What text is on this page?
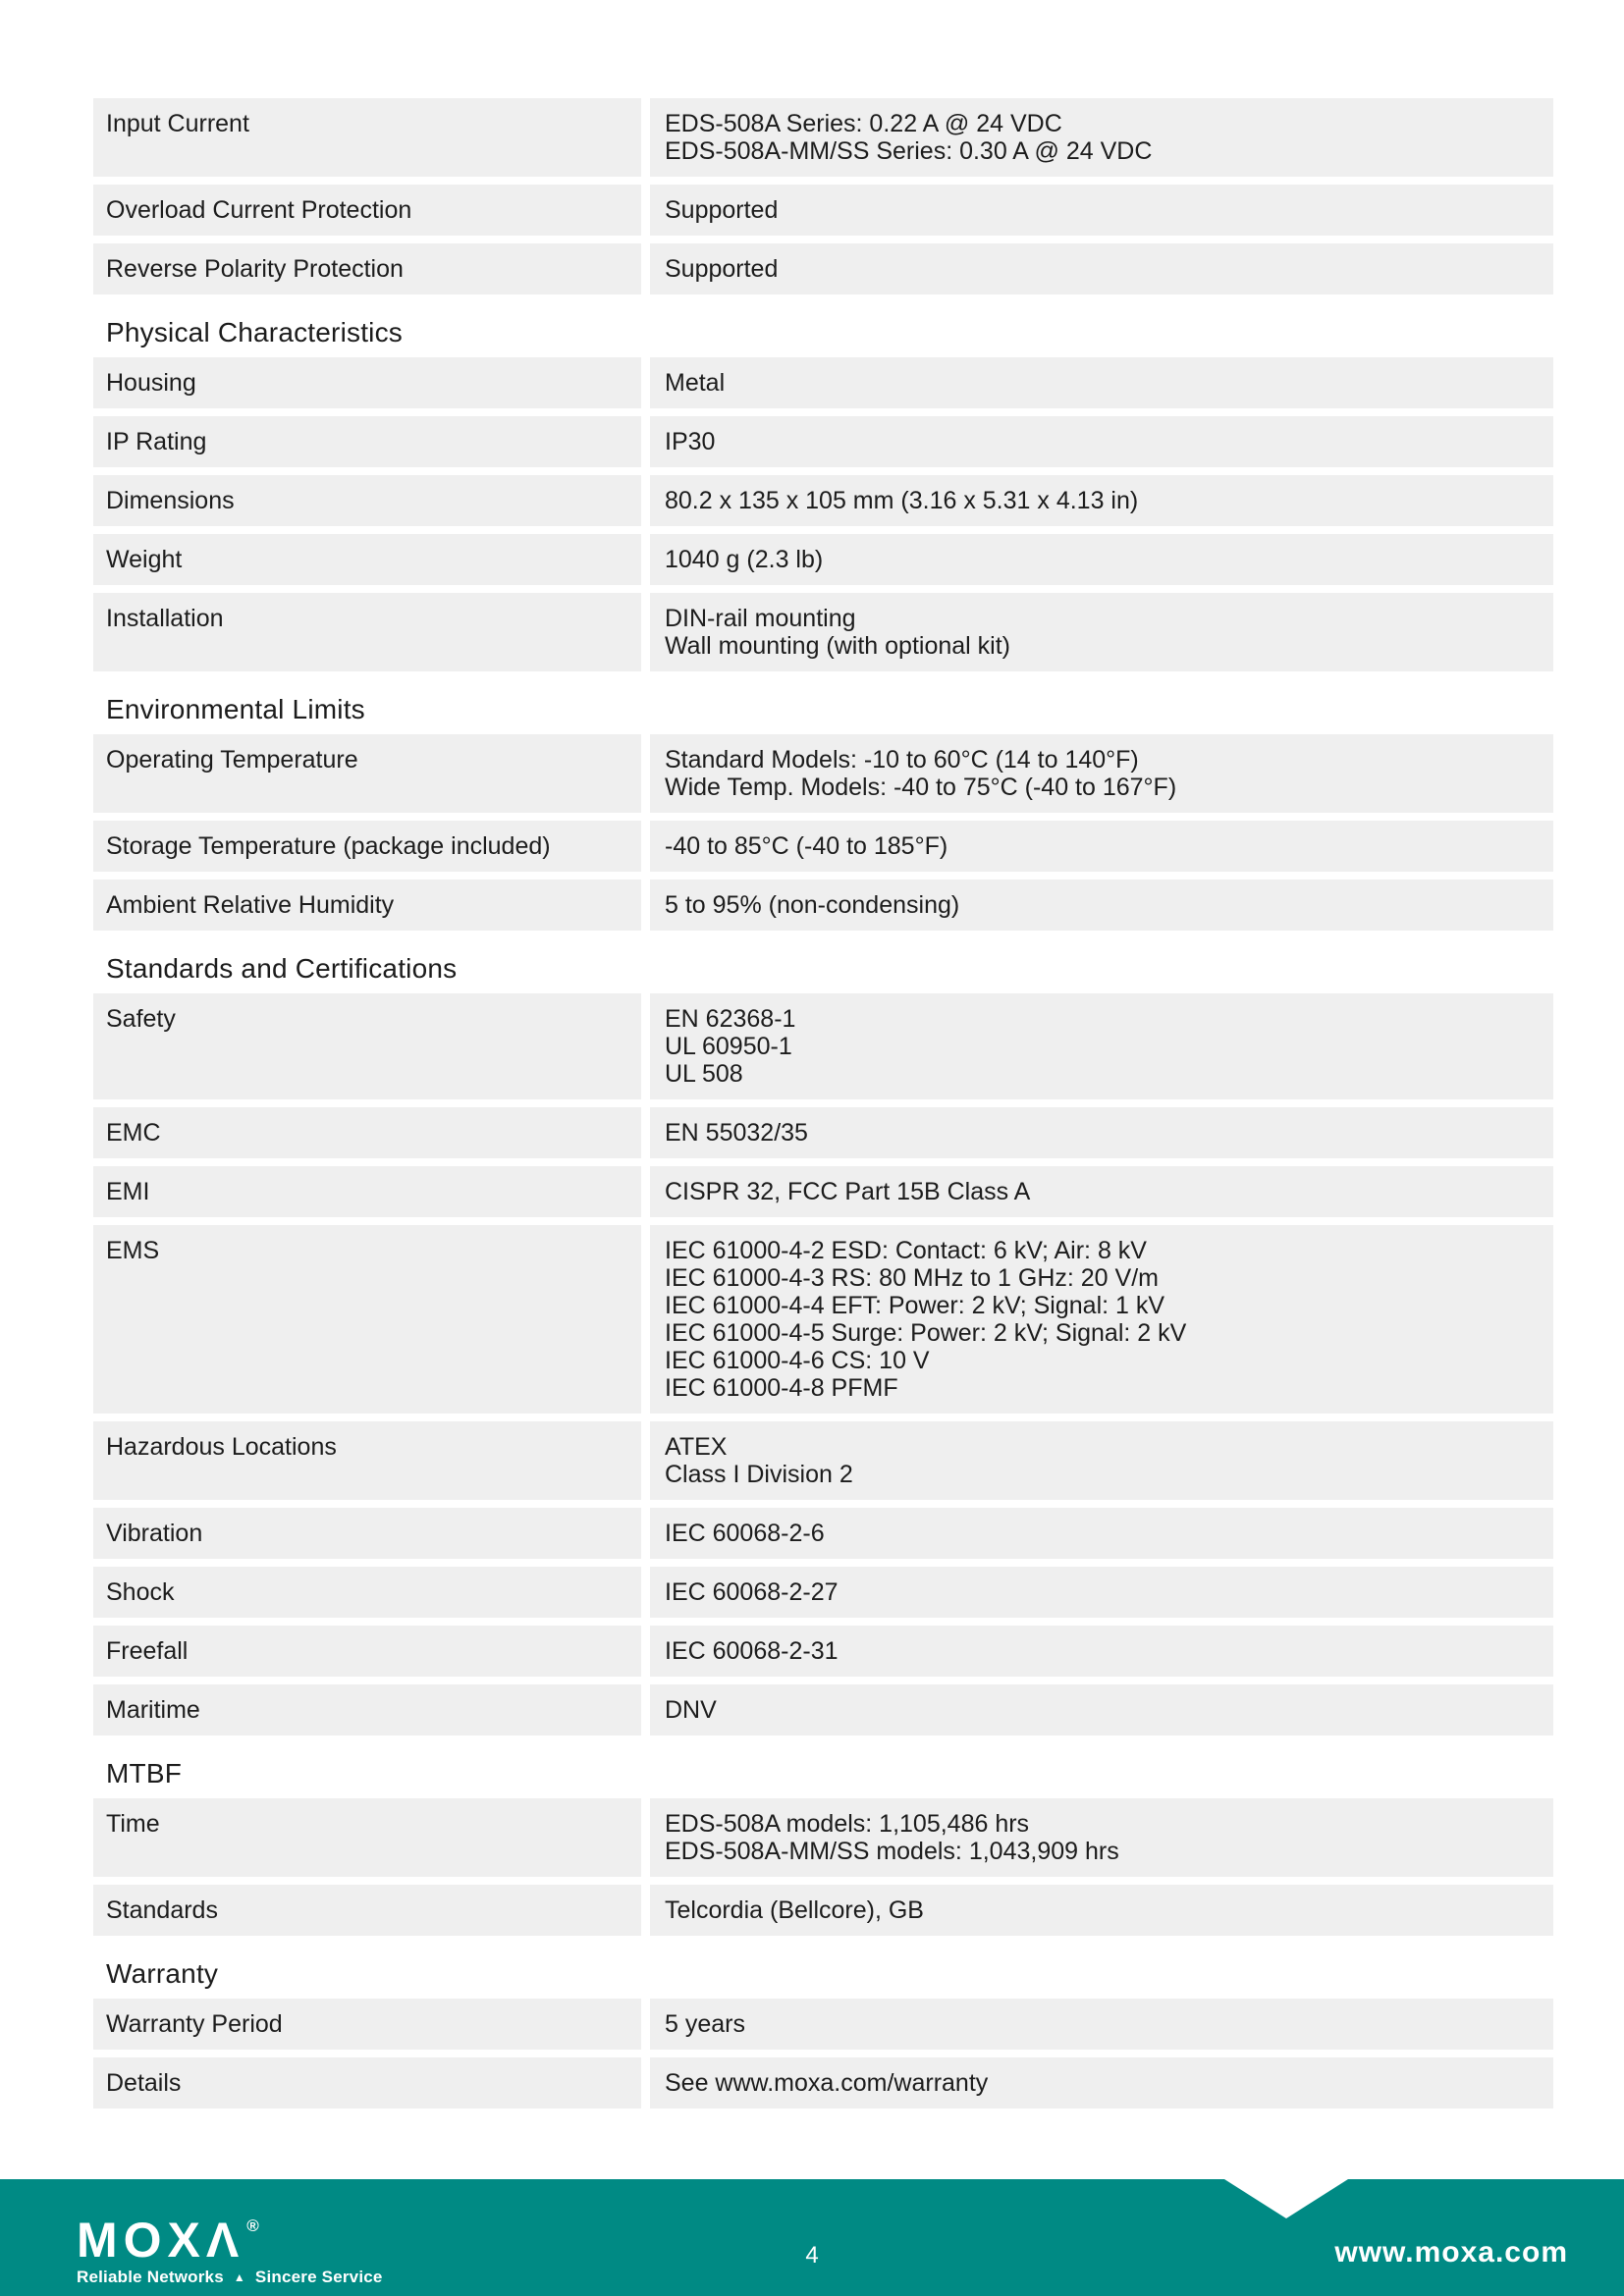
Input Current	EDS-508A Series: 0.22 A @ 24 VDC
EDS-508A-MM/SS Series: 0.30 A @ 24 VDC
Overload Current Protection	Supported
Reverse Polarity Protection	Supported
Physical Characteristics
Housing	Metal
IP Rating	IP30
Dimensions	80.2 x 135 x 105 mm (3.16 x 5.31 x 4.13 in)
Weight	1040 g (2.3 lb)
Installation	DIN-rail mounting
Wall mounting (with optional kit)
Environmental Limits
Operating Temperature	Standard Models: -10 to 60°C (14 to 140°F)
Wide Temp. Models: -40 to 75°C (-40 to 167°F)
Storage Temperature (package included)	-40 to 85°C (-40 to 185°F)
Ambient Relative Humidity	5 to 95% (non-condensing)
Standards and Certifications
Safety	EN 62368-1
UL 60950-1
UL 508
EMC	EN 55032/35
EMI	CISPR 32, FCC Part 15B Class A
EMS	IEC 61000-4-2 ESD: Contact: 6 kV; Air: 8 kV
IEC 61000-4-3 RS: 80 MHz to 1 GHz: 20 V/m
IEC 61000-4-4 EFT: Power: 2 kV; Signal: 1 kV
IEC 61000-4-5 Surge: Power: 2 kV; Signal: 2 kV
IEC 61000-4-6 CS: 10 V
IEC 61000-4-8 PFMF
Hazardous Locations	ATEX
Class I Division 2
Vibration	IEC 60068-2-6
Shock	IEC 60068-2-27
Freefall	IEC 60068-2-31
Maritime	DNV
MTBF
Time	EDS-508A models: 1,105,486 hrs
EDS-508A-MM/SS models: 1,043,909 hrs
Standards	Telcordia (Bellcore), GB
Warranty
Warranty Period	5 years
Details	See www.moxa.com/warranty
MOXΛ ®
Reliable Networks ▲ Sincere Service
4	www.moxa.com
